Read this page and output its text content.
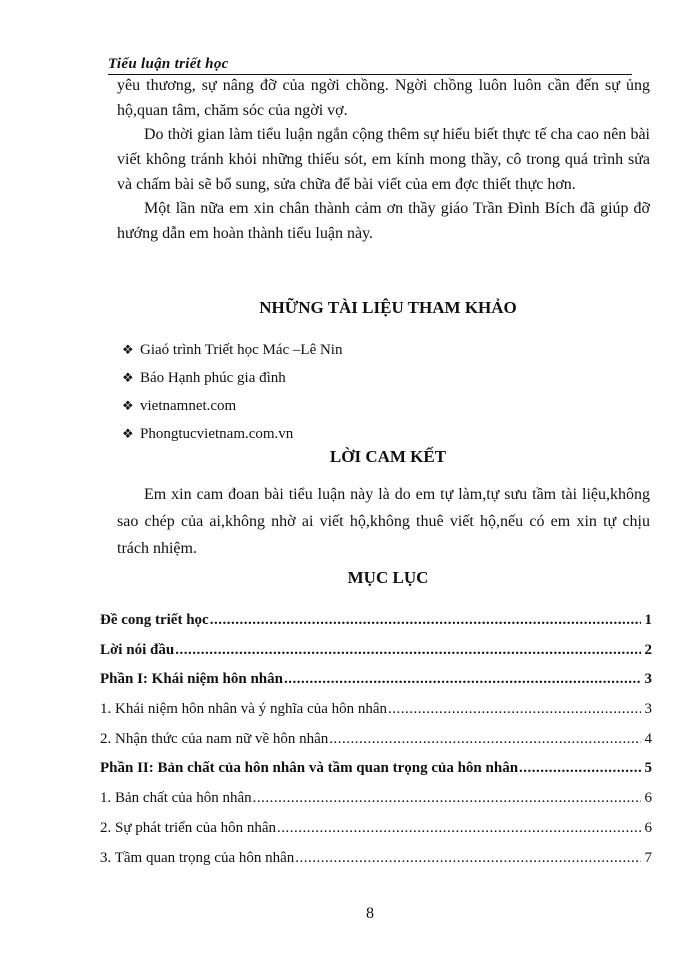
Tiểu luận triết học

yêu thương, sự nâng đỡ của ngời chồng. Ngời chồng luôn luôn cần đến sự ủng hộ,quan tâm, chăm sóc của ngời vợ.

Do thời gian làm tiểu luận ngắn cộng thêm sự hiểu biết thực tế cha cao nên bài viết không tránh khỏi những thiếu sót, em kính mong thầy, cô trong quá trình sửa và chấm bài sẽ bổ sung, sửa chữa để bài viết của em đợc thiết thực hơn.

Một lần nữa em xin chân thành cảm ơn thầy giáo Trần Đình Bích đã giúp đỡ hướng dẫn em hoàn thành tiểu luận này.

NHỮNG TÀI LIỆU THAM KHẢO
❖ Giaó trình Triết học Mác –Lê Nin
❖ Báo Hạnh phúc gia đình
❖ vietnamnet.com
❖ Phongtucvietnam.com.vn
LỜI CAM KẾT

Em xin cam đoan bài tiểu luận này là do em tự làm,tự sưu tầm tài liệu,không sao chép của ai,không nhờ ai viết hộ,không thuê viết hộ,nếu có em xin tự chịu trách nhiệm.

MỤC LỤC
Đề cong triết học .....	1
Lời nói đầu .....	2
Phần I: Khái niệm hôn nhân .....	3
1. Khái niệm hôn nhân và ý nghĩa của hôn nhân .....	3
2. Nhận thức của nam nữ về hôn nhân .....	4
Phần II: Bản chất của hôn nhân và tầm quan trọng của hôn nhân .....	5
1. Bản chất của hôn nhân .....	6
2. Sự phát triển của hôn nhân .....	6
3. Tầm quan trọng của hôn nhân .....	7

8
